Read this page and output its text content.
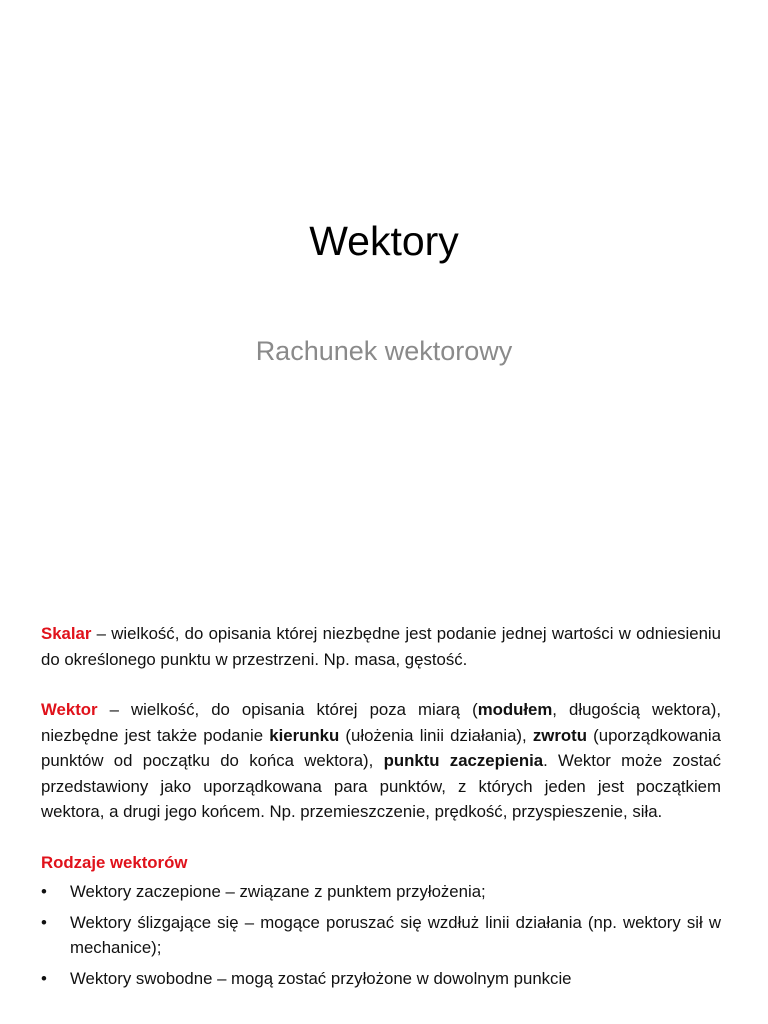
Wektory
Rachunek wektorowy

Skalar – wielkość, do opisania której niezbędne jest podanie jednej wartości w odniesieniu do określonego punktu w przestrzeni. Np. masa, gęstość.

Wektor – wielkość, do opisania której poza miarą (modułem, długością wektora), niezbędne jest także podanie kierunku (ułożenia linii działania), zwrotu (uporządkowania punktów od początku do końca wektora), punktu zaczepienia. Wektor może zostać przedstawiony jako uporządkowana para punktów, z których jeden jest początkiem wektora, a drugi jego końcem. Np. przemieszczenie, prędkość, przyspieszenie, siła.

Rodzaje wektorów

• Wektory zaczepione – związane z punktem przyłożenia;
• Wektory ślizgające się – mogące poruszać się wzdłuż linii działania (np. wektory sił w mechanice);
• Wektory swobodne – mogą zostać przyłożone w dowolnym punkcie
